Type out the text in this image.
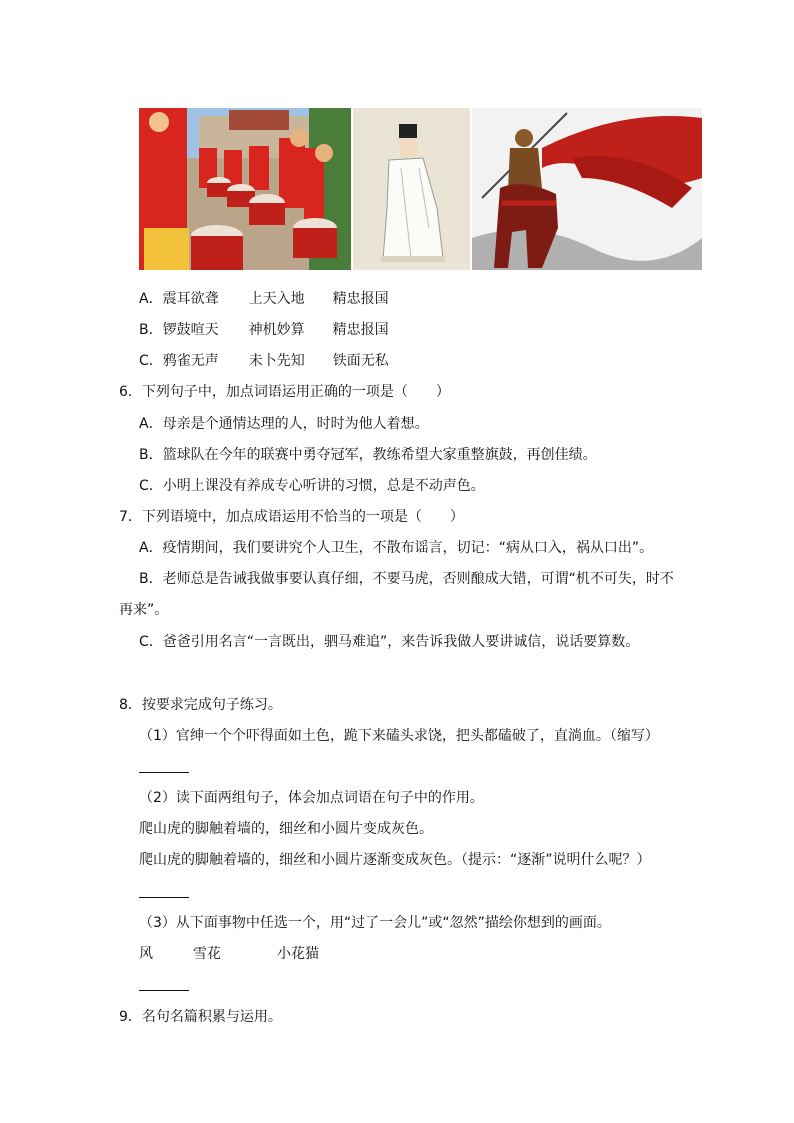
A．震耳欲聋 上天入地 精忠报国
B．锣鼓喧天 神机妙算 精忠报国
C．鸦雀无声 未卜先知 铁面无私
6．下列句子中，加点词语运用正确的一项是（　　）
A．母亲是个通情达理的人，时时为他人着想。
B．篮球队在今年的联赛中勇夺冠军，教练希望大家重整旗鼓，再创佳绩。
C．小明上课没有养成专心听讲的习惯，总是不动声色。
7．下列语境中，加点成语运用不恰当的一项是（　　）
A．疫情期间，我们要讲究个人卫生，不散布谣言，切记：“病从口入，祸从口出”。
B．老师总是告诫我做事要认真仔细，不要马虎，否则酿成大错，可谓“机不可失，时不
再来”。
C．爸爸引用名言“一言既出，驷马难追”，来告诉我做人要讲诚信，说话要算数。
8．按要求完成句子练习。
（1）官绅一个个吓得面如土色，跪下来磕头求饶，把头都磕破了，直淌血。（缩写）
（2）读下面两组句子，体会加点词语在句子中的作用。
爬山虎的脚触着墙的，细丝和小圆片变成灰色。
爬山虎的脚触着墙的，细丝和小圆片逐渐变成灰色。（提示：“逐渐”说明什么呢？）
（3）从下面事物中任选一个，用“过了一会儿”或“忽然”描绘你想到的画面。
风	雪花	小花猫
9．名句名篇积累与运用。
